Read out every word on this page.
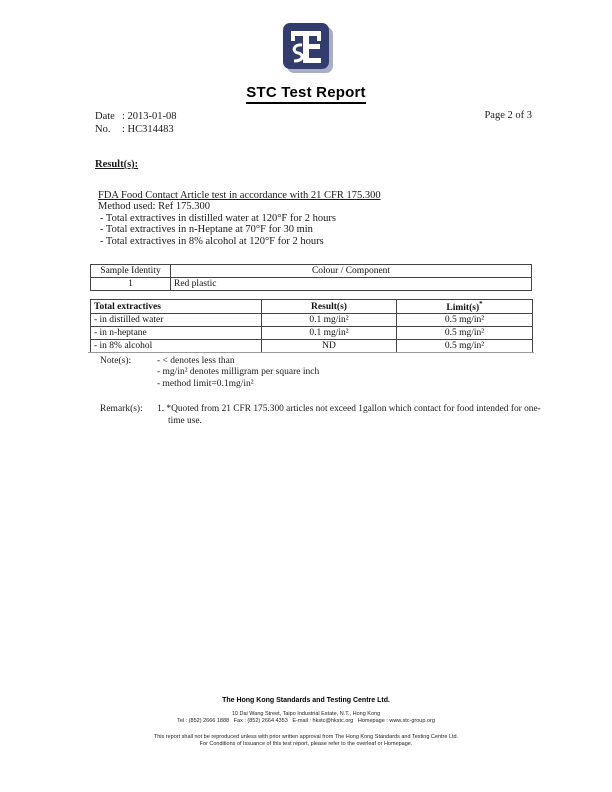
STC Test Report
Date : 2013-01-08
No. : HC314483
Page 2 of 3
Result(s):
FDA Food Contact Article test in accordance with 21 CFR 175.300
Method used: Ref 175.300
- Total extractives in distilled water at 120°F for 2 hours
- Total extractives in n-Heptane at 70°F for 30 min
- Total extractives in 8% alcohol at 120°F for 2 hours
Sample Identity	Colour / Component
1	Red plastic
Total extractives	Result(s)	Limit(s)*
- in distilled water	0.1 mg/in²	0.5 mg/in²
- in n-heptane	0.1 mg/in²	0.5 mg/in²
- in 8% alcohol	ND	0.5 mg/in²
Note(s):	- < denotes less than
- mg/in² denotes milligram per square inch
- method limit=0.1mg/in²
Remark(s): 1. *Quoted from 21 CFR 175.300 articles not exceed 1gallon which contact for food intended for one-time use.
The Hong Kong Standards and Testing Centre Ltd.
10 Dai Wang Street, Taipo Industrial Estate, N.T., Hong Kong
Tel : (852) 2666 1888   Fax : (852) 2664 4353   E-mail : hkstc@hkstc.org   Homepage : www.stc-group.org
This report shall not be reproduced unless with prior written approval from The Hong Kong Standards and Testing Centre Ltd.
For Conditions of Issuance of this test report, please refer to the overleaf or Homepage.
